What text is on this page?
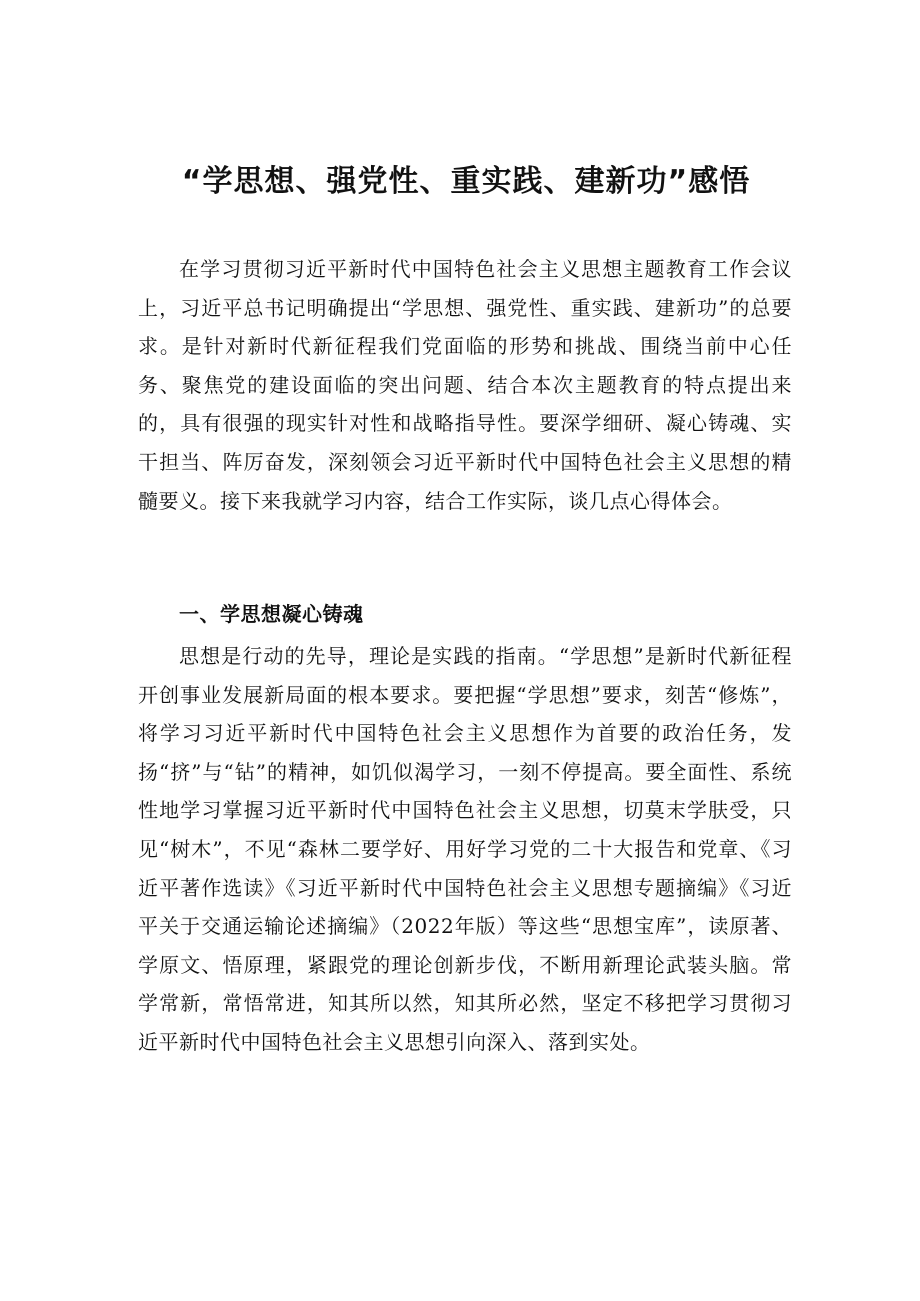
“学思想、强党性、重实践、建新功”感悟

在学习贯彻习近平新时代中国特色社会主义思想主题教育工作会议上，习近平总书记明确提出“学思想、强党性、重实践、建新功”的总要求。是针对新时代新征程我们党面临的形势和挑战、围绕当前中心任务、聚焦党的建设面临的突出问题、结合本次主题教育的特点提出来的，具有很强的现实针对性和战略指导性。要深学细研、凝心铸魂、实干担当、阵厉奋发，深刻领会习近平新时代中国特色社会主义思想的精髓要义。接下来我就学习内容，结合工作实际，谈几点心得体会。

一、学思想凝心铸魂

思想是行动的先导，理论是实践的指南。“学思想”是新时代新征程开创事业发展新局面的根本要求。要把握“学思想”要求，刻苦“修炼”，将学习习近平新时代中国特色社会主义思想作为首要的政治任务，发扬“挤”与“钻”的精神，如饥似渴学习，一刻不停提高。要全面性、系统性地学习掌握习近平新时代中国特色社会主义思想，切莫末学肤受，只见“树木”，不见“森林二要学好、用好学习党的二十大报告和党章、《习近平著作选读》《习近平新时代中国特色社会主义思想专题摘编》《习近平关于交通运输论述摘编》（2022年版）等这些“思想宝库”，读原著、学原文、悟原理，紧跟党的理论创新步伐，不断用新理论武装头脑。常学常新，常悟常进，知其所以然，知其所必然，坚定不移把学习贯彻习近平新时代中国特色社会主义思想引向深入、落到实处。
